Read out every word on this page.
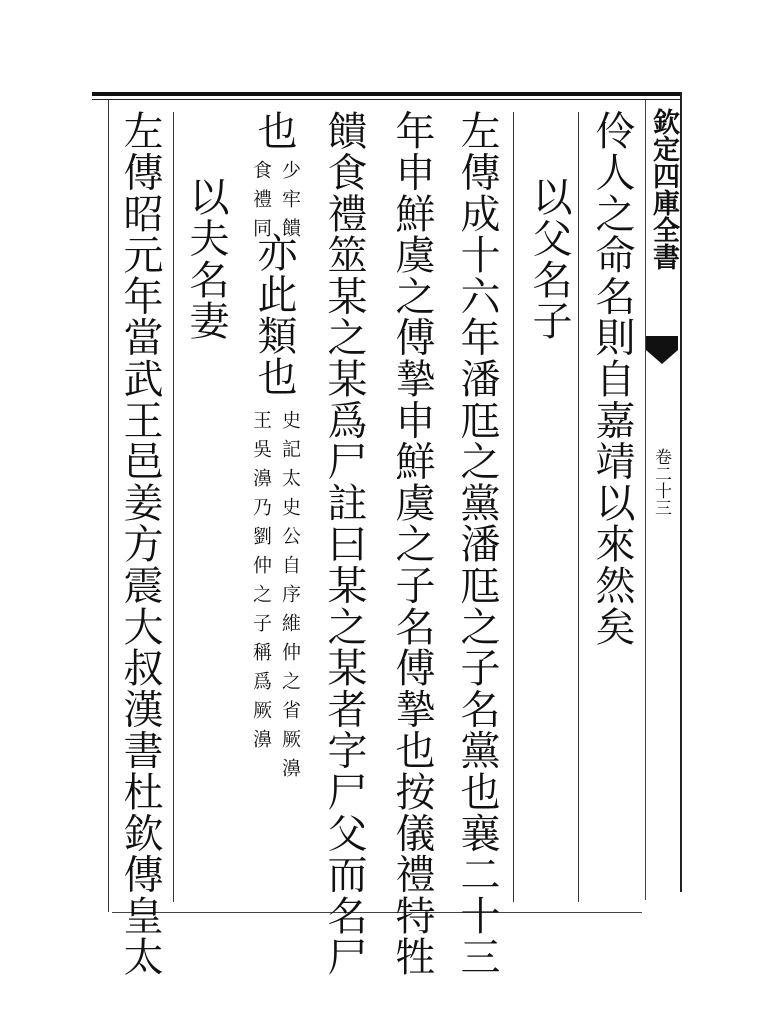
欽定四庫全書
卷二十三
伶人之命名則自嘉靖以來然矣
以父名子
左傳成十六年潘尫之黨潘尫之子名黨也襄二十三
年申鮮虞之傅摯申鮮虞之子名傅摯也按儀禮特牲
饋食禮筮某之某爲尸註曰某之某者字尸父而名尸
也
少牢饋
食禮同
亦此類也
史記太史公自序維仲之省厥濞
王吳濞乃劉仲之子稱爲厥濞
以夫名妻
左傳昭元年當武王邑姜方震大叔漢書杜欽傳皇太
